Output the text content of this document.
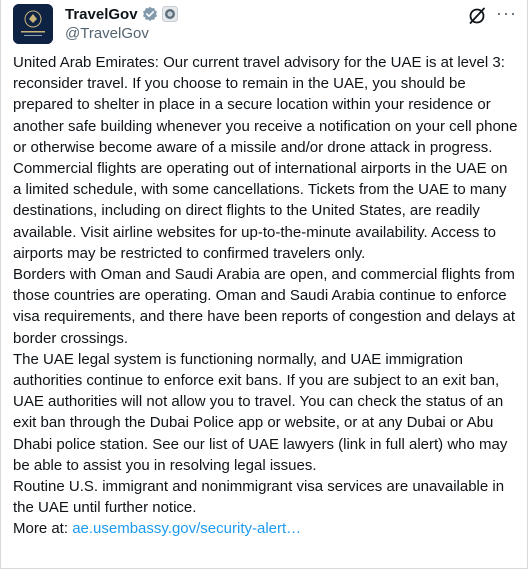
TravelGov
@TravelGov
···

United Arab Emirates: Our current travel advisory for the UAE is at level 3: reconsider travel. If you choose to remain in the UAE, you should be prepared to shelter in place in a secure location within your residence or another safe building whenever you receive a notification on your cell phone or otherwise become aware of a missile and/or drone attack in progress. Commercial flights are operating out of international airports in the UAE on a limited schedule, with some cancellations. Tickets from the UAE to many destinations, including on direct flights to the United States, are readily available. Visit airline websites for up-to-the-minute availability. Access to airports may be restricted to confirmed travelers only.

Borders with Oman and Saudi Arabia are open, and commercial flights from those countries are operating. Oman and Saudi Arabia continue to enforce visa requirements, and there have been reports of congestion and delays at border crossings.

The UAE legal system is functioning normally, and UAE immigration authorities continue to enforce exit bans. If you are subject to an exit ban, UAE authorities will not allow you to travel. You can check the status of an exit ban through the Dubai Police app or website, or at any Dubai or Abu Dhabi police station. See our list of UAE lawyers (link in full alert) who may be able to assist you in resolving legal issues.

Routine U.S. immigrant and nonimmigrant visa services are unavailable in the UAE until further notice.

More at: ae.usembassy.gov/security-alert…
